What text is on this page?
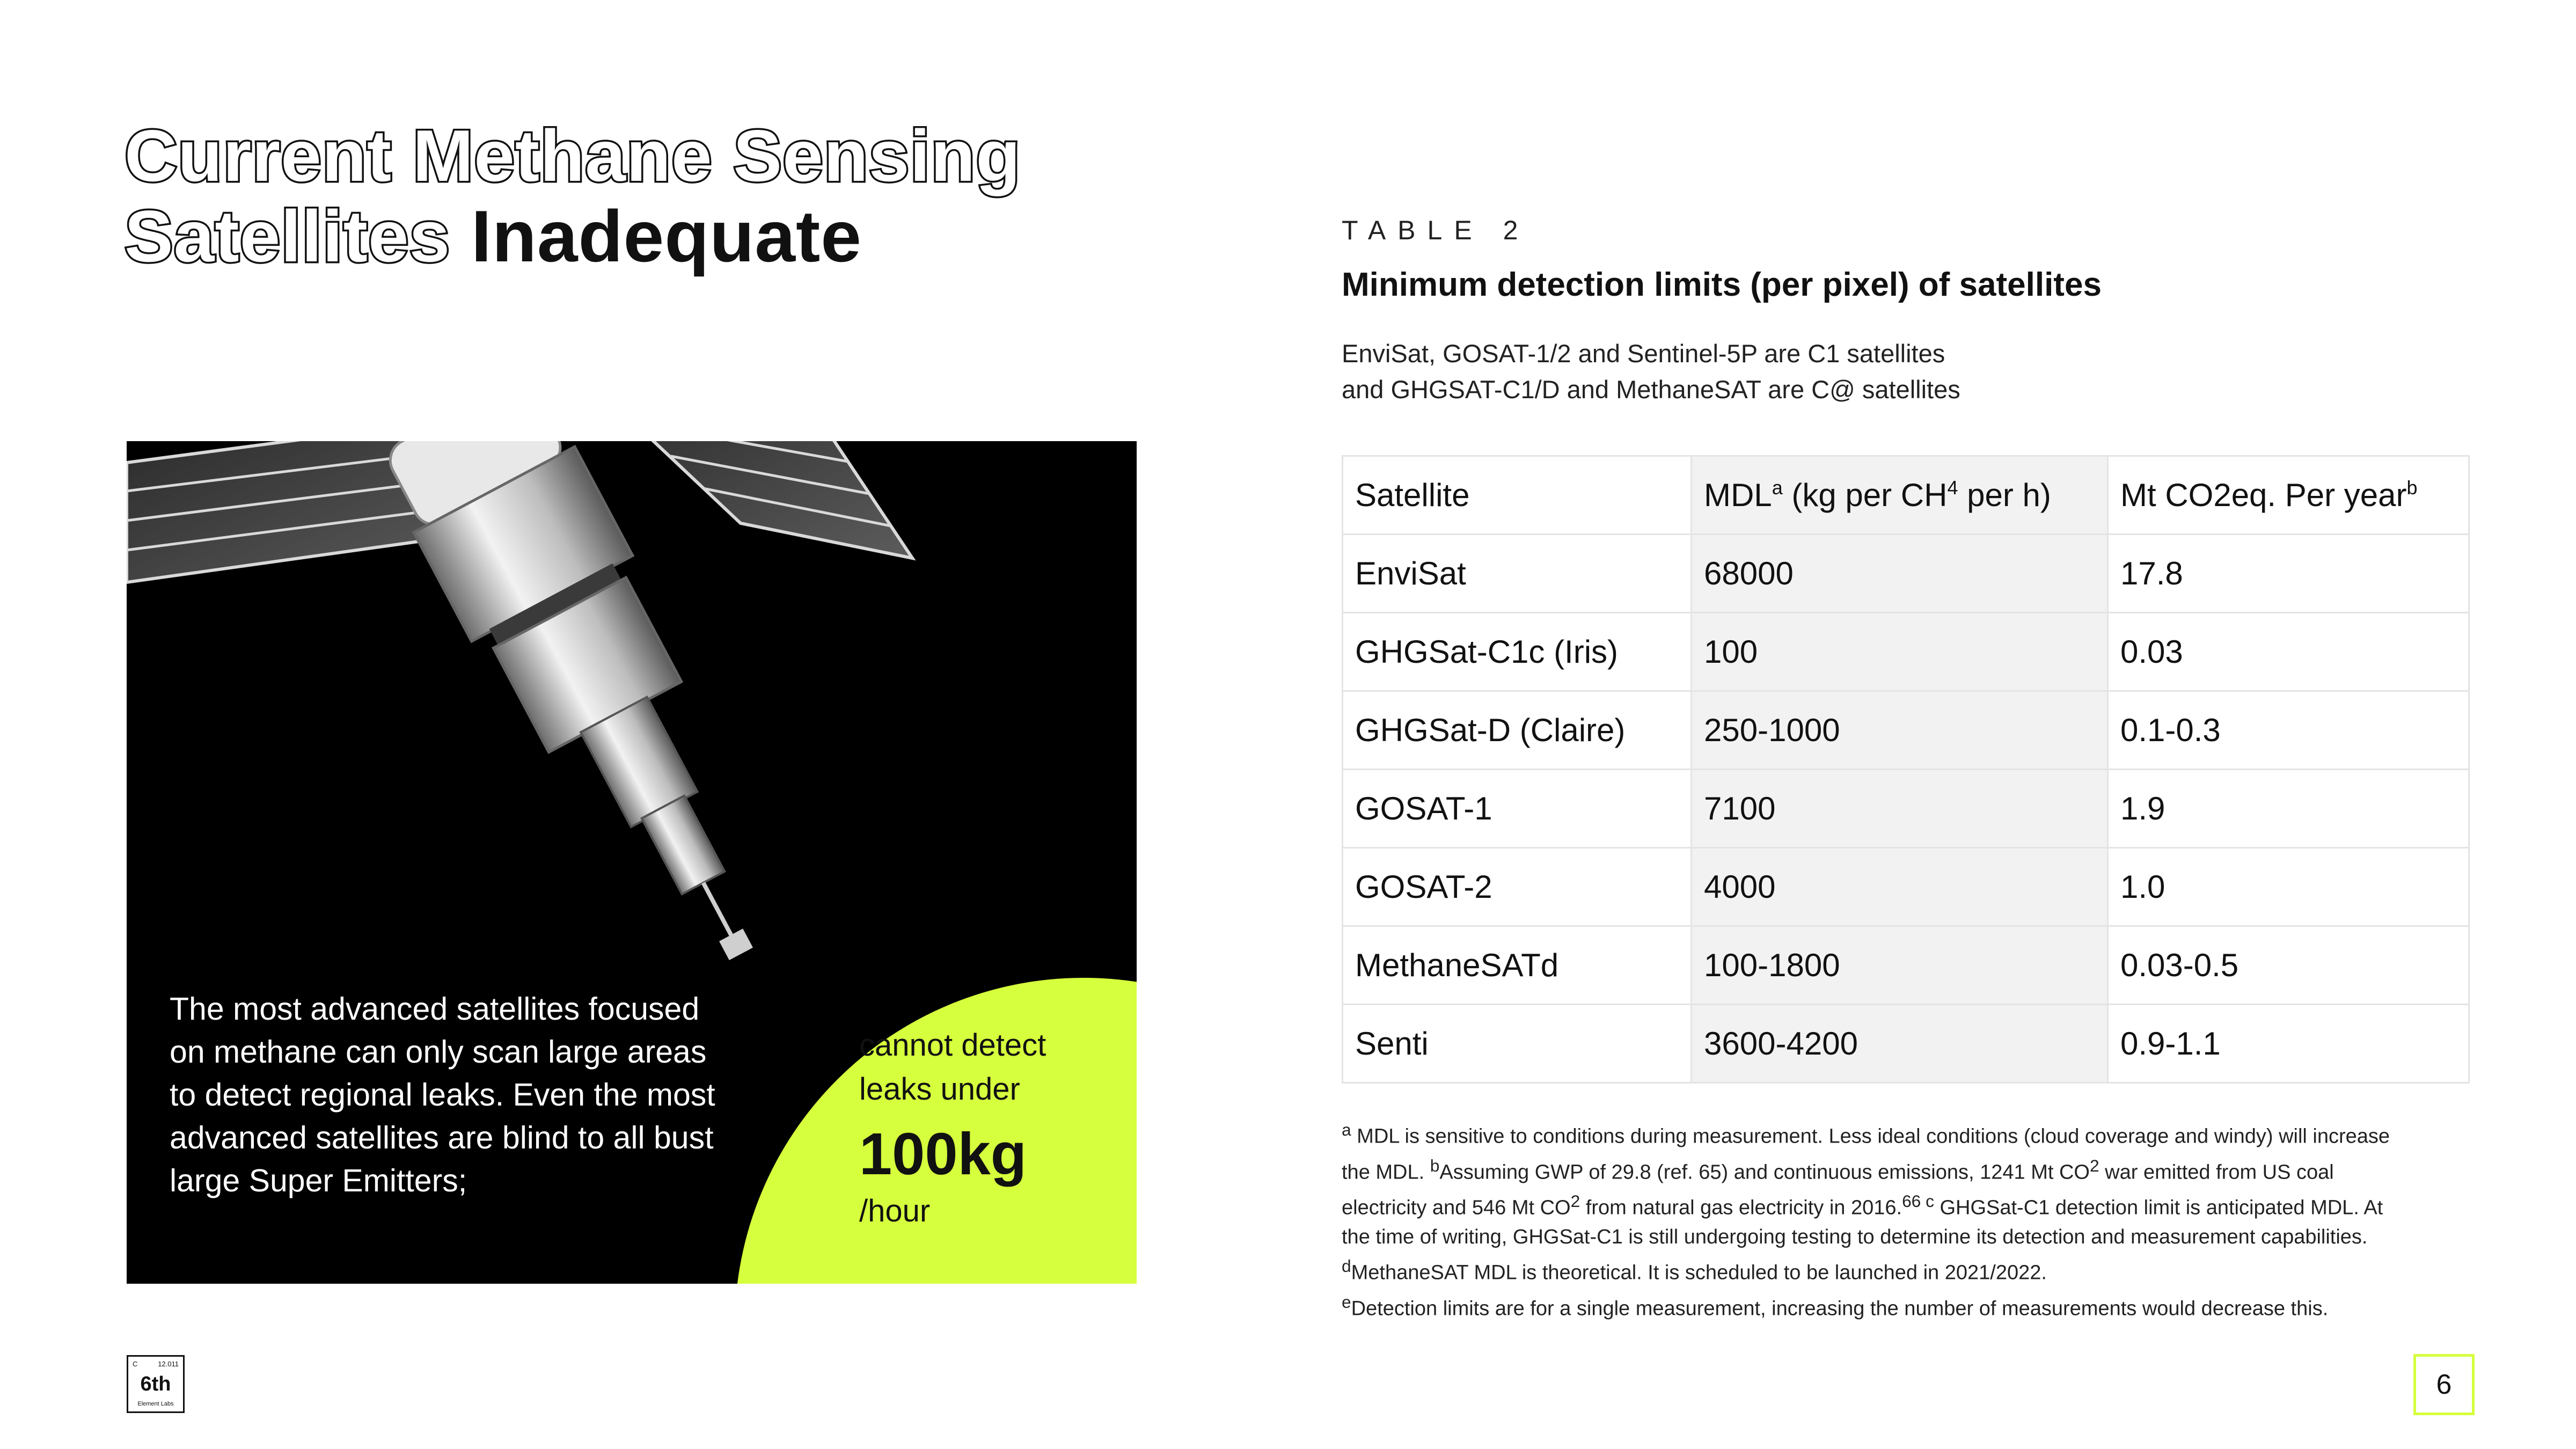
Current Methane Sensing
Satellites Inadequate
The most advanced satellites focused on methane can only scan large areas to detect regional leaks. Even the most advanced satellites are blind to all bust large Super Emitters;
cannot detect
leaks under
100kg
/hour
TABLE 2
Minimum detection limits (per pixel) of satellites
EnviSat, GOSAT-1/2 and Sentinel-5P are C1 satellites
and GHGSAT-C1/D and MethaneSAT are C@ satellites
Satellite	MDL$^a$ (kg per $CH^4$ per h)	Mt CO2eq. Per year$^b$
EnviSat	68000	17.8
GHGSat-C1c (Iris)	100	0.03
GHGSat-D (Claire)	250-1000	0.1-0.3
GOSAT-1	7100	1.9
GOSAT-2	4000	1.0
MethaneSATd	100-1800	0.03-0.5
Senti	3600-4200	0.9-1.1
$^a$ MDL is sensitive to conditions during measurement. Less ideal conditions (cloud coverage and windy) will increase the MDL. $^b$Assuming GWP of 29.8 (ref. 65) and continuous emissions, 1241 Mt $CO^2$ war emitted from US coal electricity and 546 Mt $CO^2$ from natural gas electricity in 2016.66 $^c$ GHGSat-C1 detection limit is anticipated MDL. At the time of writing, GHGSat-C1 is still undergoing testing to determine its detection and measurement capabilities. $^d$MethaneSAT MDL is theoretical. It is scheduled to be launched in 2021/2022.
$^e$Detection limits are for a single measurement, increasing the number of measurements would decrease this.
C	12.011
6th
Element Labs
6
